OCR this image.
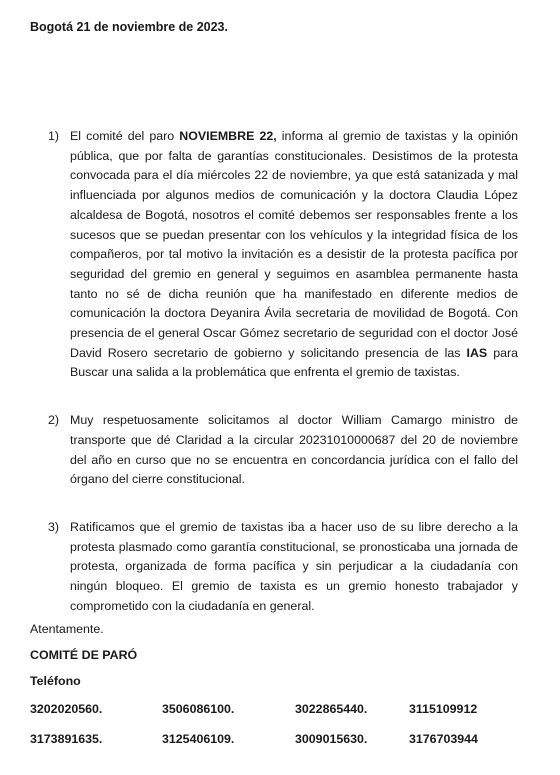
Bogotá 21 de noviembre de 2023.
1) El comité del paro NOVIEMBRE 22, informa al gremio de taxistas y la opinión pública, que por falta de garantías constitucionales. Desistimos de la protesta convocada para el día miércoles 22 de noviembre, ya que está satanizada y mal influenciada por algunos medios de comunicación y la doctora Claudia López alcaldesa de Bogotá, nosotros el comité debemos ser responsables frente a los sucesos que se puedan presentar con los vehículos y la integridad física de los compañeros, por tal motivo la invitación es a desistir de la protesta pacífica por seguridad del gremio en general y seguimos en asamblea permanente hasta tanto no sé de dicha reunión que ha manifestado en diferente medios de comunicación la doctora Deyanira Ávila secretaria de movilidad de Bogotá. Con presencia de el general Oscar Gómez secretario de seguridad con el doctor José David Rosero secretario de gobierno y solicitando presencia de las IAS para Buscar una salida a la problemática que enfrenta el gremio de taxistas.
2) Muy respetuosamente solicitamos al doctor William Camargo ministro de transporte que dé Claridad a la circular 20231010000687 del 20 de noviembre del año en curso que no se encuentra en concordancia jurídica con el fallo del órgano del cierre constitucional.
3) Ratificamos que el gremio de taxistas iba a hacer uso de su libre derecho a la protesta plasmado como garantía constitucional, se pronosticaba una jornada de protesta, organizada de forma pacífica y sin perjudicar a la ciudadanía con ningún bloqueo. El gremio de taxista es un gremio honesto trabajador y comprometido con la ciudadanía en general.
Atentamente.
COMITÉ DE PARÓ
Teléfono
3202020560.	3506086100.	3022865440.	3115109912
3173891635.	3125406109.	3009015630.	3176703944
